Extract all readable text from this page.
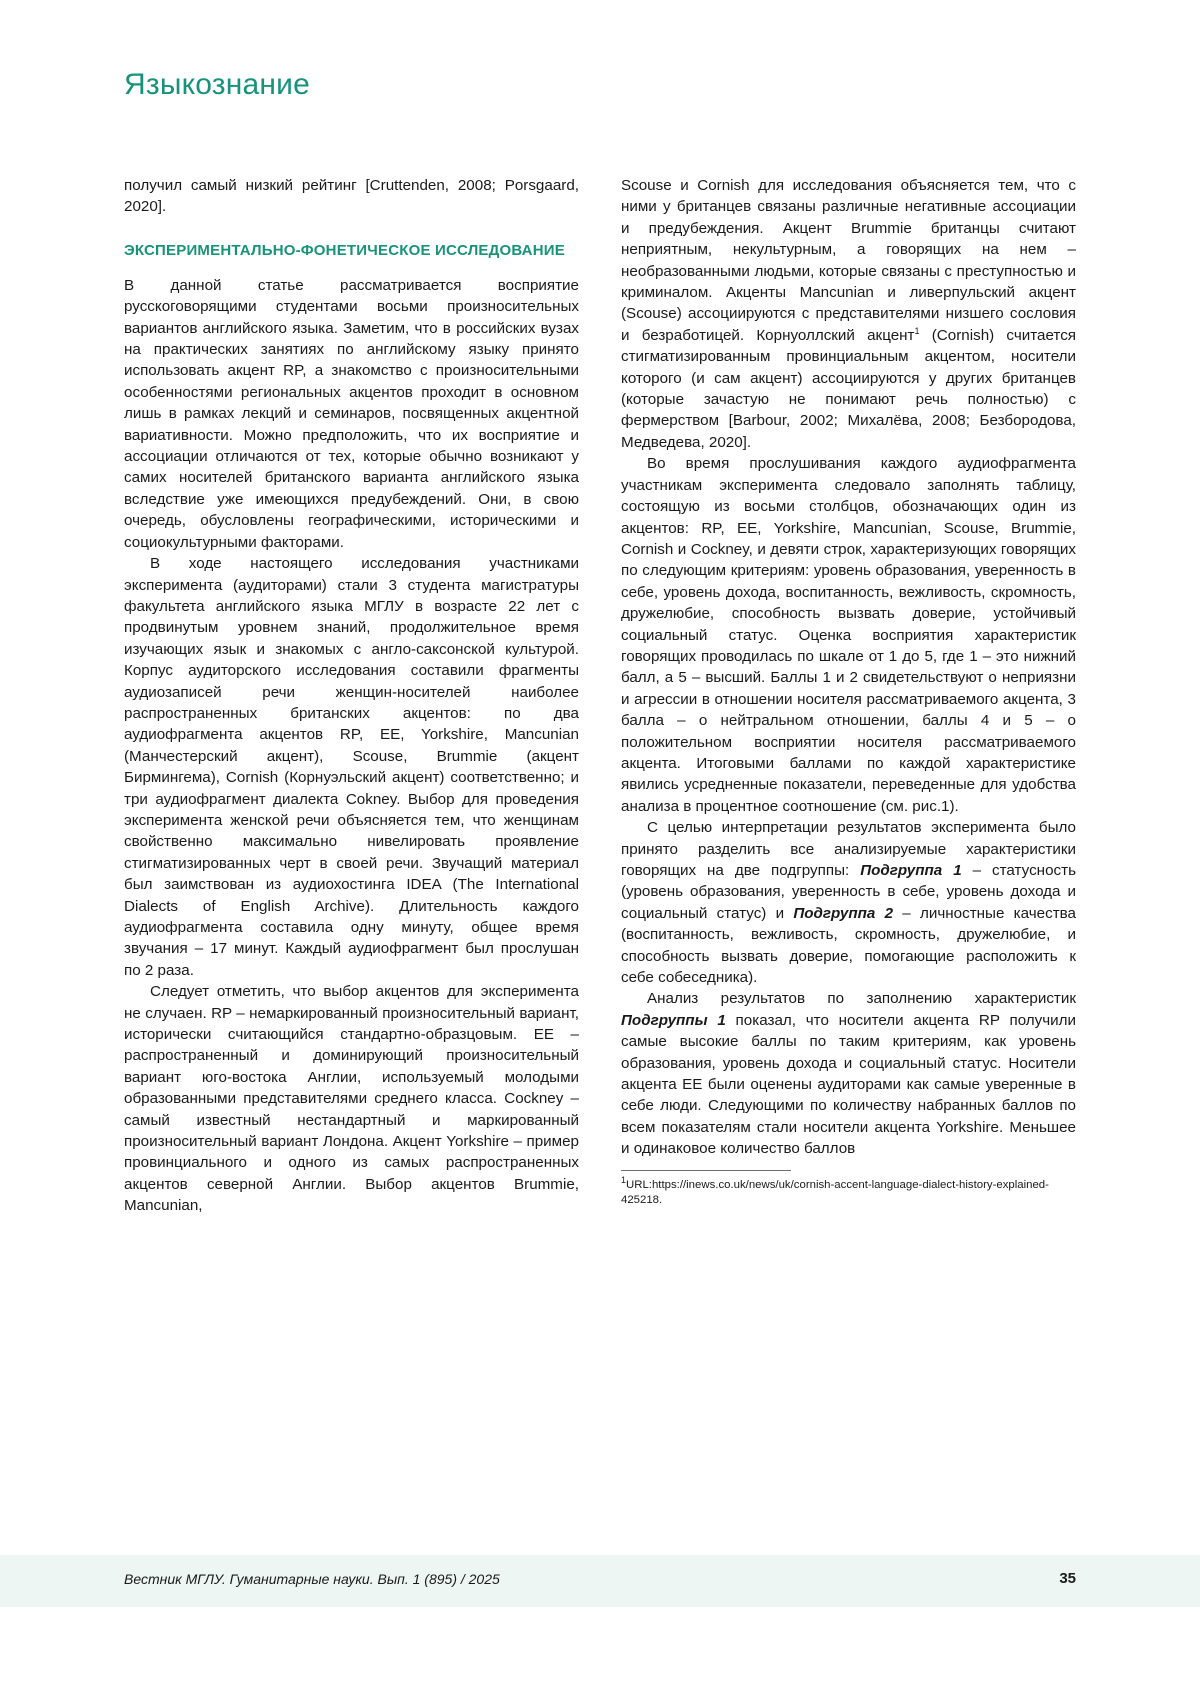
Языкознание

получил самый низкий рейтинг [Cruttenden, 2008; Porsgaard, 2020].

ЭКСПЕРИМЕНТАЛЬНО-ФОНЕТИЧЕСКОЕ ИССЛЕДОВАНИЕ

В данной статье рассматривается восприятие русскоговорящими студентами восьми произносительных вариантов английского языка. Заметим, что в российских вузах на практических занятиях по английскому языку принято использовать акцент RP, а знакомство с произносительными особенностями региональных акцентов проходит в основном лишь в рамках лекций и семинаров, посвященных акцентной вариативности. Можно предположить, что их восприятие и ассоциации отличаются от тех, которые обычно возникают у самих носителей британского варианта английского языка вследствие уже имеющихся предубеждений. Они, в свою очередь, обусловлены географическими, историческими и социокультурными факторами.

В ходе настоящего исследования участниками эксперимента (аудиторами) стали 3 студента магистратуры факультета английского языка МГЛУ в возрасте 22 лет с продвинутым уровнем знаний, продолжительное время изучающих язык и знакомых с англо-саксонской культурой. Корпус аудиторского исследования составили фрагменты аудиозаписей речи женщин-носителей наиболее распространенных британских акцентов: по два аудиофрагмента акцентов RP, EE, Yorkshire, Mancunian (Манчестерский акцент), Scouse, Brummie (акцент Бирмингема), Cornish (Корнуэльский акцент) соответственно; и три аудиофрагмент диалекта Cokney. Выбор для проведения эксперимента женской речи объясняется тем, что женщинам свойственно максимально нивелировать проявление стигматизированных черт в своей речи. Звучащий материал был заимствован из аудиохостинга IDEA (The International Dialects of English Archive). Длительность каждого аудиофрагмента составила одну минуту, общее время звучания – 17 минут. Каждый аудиофрагмент был прослушан по 2 раза.

Следует отметить, что выбор акцентов для эксперимента не случаен. RP – немаркированный произносительный вариант, исторически считающийся стандартно-образцовым. EE – распространенный и доминирующий произносительный вариант юго-востока Англии, используемый молодыми образованными представителями среднего класса. Cockney – самый известный нестандартный и маркированный произносительный вариант Лондона. Акцент Yorkshire – пример провинциального и одного из самых распространенных акцентов северной Англии. Выбор акцентов Brummie, Mancunian,

Scouse и Cornish для исследования объясняется тем, что с ними у британцев связаны различные негативные ассоциации и предубеждения. Акцент Brummie британцы считают неприятным, некультурным, а говорящих на нем – необразованными людьми, которые связаны с преступностью и криминалом. Акценты Mancunian и ливерпульский акцент (Scouse) ассоциируются с представителями низшего сословия и безработицей. Корнуоллский акцент$^1$ (Cornish) считается стигматизированным провинциальным акцентом, носители которого (и сам акцент) ассоциируются у других британцев (которые зачастую не понимают речь полностью) с фермерством [Barbour, 2002; Михалёва, 2008; Безбородова, Медведева, 2020].

Во время прослушивания каждого аудиофрагмента участникам эксперимента следовало заполнять таблицу, состоящую из восьми столбцов, обозначающих один из акцентов: RP, EE, Yorkshire, Mancunian, Scouse, Brummie, Cornish и Cockney, и девяти строк, характеризующих говорящих по следующим критериям: уровень образования, уверенность в себе, уровень дохода, воспитанность, вежливость, скромность, дружелюбие, способность вызвать доверие, устойчивый социальный статус. Оценка восприятия характеристик говорящих проводилась по шкале от 1 до 5, где 1 – это нижний балл, а 5 – высший. Баллы 1 и 2 свидетельствуют о неприязни и агрессии в отношении носителя рассматриваемого акцента, 3 балла – о нейтральном отношении, баллы 4 и 5 – о положительном восприятии носителя рассматриваемого акцента. Итоговыми баллами по каждой характеристике явились усредненные показатели, переведенные для удобства анализа в процентное соотношение (см. рис.1).

С целью интерпретации результатов эксперимента было принято разделить все анализируемые характеристики говорящих на две подгруппы: Подгруппа 1 – статусность (уровень образования, уверенность в себе, уровень дохода и социальный статус) и Подгруппа 2 – личностные качества (воспитанность, вежливость, скромность, дружелюбие, и способность вызвать доверие, помогающие расположить к себе собеседника).

Анализ результатов по заполнению характеристик Подгруппы 1 показал, что носители акцента RP получили самые высокие баллы по таким критериям, как уровень образования, уровень дохода и социальный статус. Носители акцента EE были оценены аудиторами как самые уверенные в себе люди. Следующими по количеству набранных баллов по всем показателям стали носители акцента Yorkshire. Меньшее и одинаковое количество баллов

$^1$URL:https://inews.co.uk/news/uk/cornish-accent-language-dialect-history-explained-425218.

Вестник МГЛУ. Гуманитарные науки. Вып. 1 (895) / 2025	35
